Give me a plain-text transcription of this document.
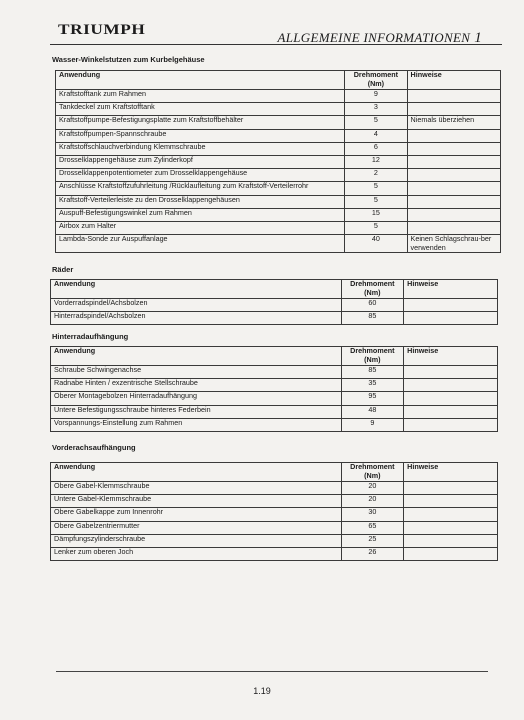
TRIUMPH	ALLGEMEINE INFORMATIONEN 1
Wasser-Winkelstutzen zum Kurbelgehäuse
Anwendung	Drehmoment (Nm)	Hinweise
Kraftstofftank zum Rahmen	9	
Tankdeckel zum Kraftstofftank	3	
Kraftstoffpumpe-Befestigungsplatte zum Kraftstoffbehälter	5	Niemals überziehen
Kraftstoffpumpen-Spannschraube	4	
Kraftstoffschlauchverbindung Klemmschraube	6	
Drosselklappengehäuse zum Zylinderkopf	12	
Drosselklappenpotentiometer zum Drosselklappengehäuse	2	
Anschlüsse Kraftstoffzufuhrleitung /Rücklaufleitung zum Kraftstoff-Verteilerrohr	5	
Kraftstoff-Verteilerleiste zu den Drosselklappengehäusen	5	
Auspuff-Befestigungswinkel zum Rahmen	15	
Airbox zum Halter	5	
Lambda-Sonde zur Auspuffanlage	40	Keinen Schlagschrau-ber verwenden
Räder
Anwendung	Drehmoment (Nm)	Hinweise
Vorderradspindel/Achsbolzen	60	
Hinterradspindel/Achsbolzen	85	
Hinterradaufhängung
Anwendung	Drehmoment (Nm)	Hinweise
Schraube Schwingenachse	85	
Radnabe Hinten / exzentrische Stellschraube	35	
Oberer Montagebolzen Hinterradaufhängung	95	
Untere Befestigungsschraube hinteres Federbein	48	
Vorspannungs-Einstellung zum Rahmen	9	
Vorderachsaufhängung
Anwendung	Drehmoment (Nm)	Hinweise
Obere Gabel-Klemmschraube	20	
Untere Gabel-Klemmschraube	20	
Obere Gabelkappe zum Innenrohr	30	
Obere Gabelzentriermutter	65	
Dämpfungszylinderschraube	25	
Lenker zum oberen Joch	26	
1.19
